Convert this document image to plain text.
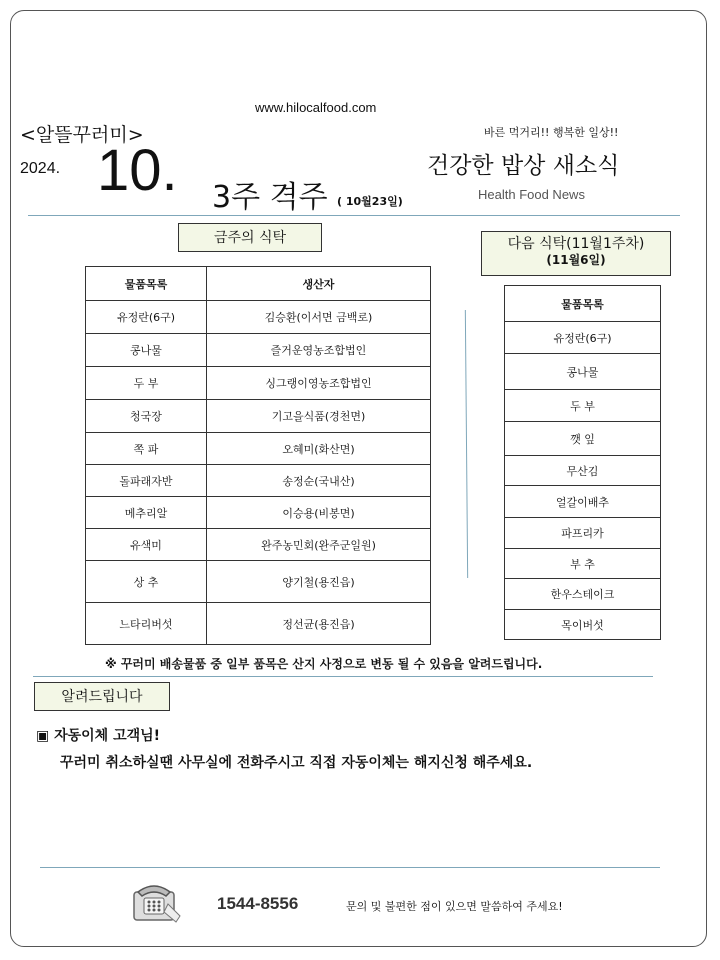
www.hilocalfood.com
<알뜰꾸러미>
2024. 10. 3주 격주 ( 10월23일)
바른 먹거리!! 행복한 일상!!
건강한 밥상 새소식
Health Food News
금주의 식탁
물품목록	생산자
유정란(6구)	김승환(이서면 금백로)
콩나물	즐거운영농조합법인
두 부	싱그랭이영농조합법인
청국장	기고을식품(경천면)
쪽 파	오혜미(화산면)
돌파래자반	송정순(국내산)
메추리알	이승용(비봉면)
유색미	완주농민회(완주군일원)
상 추	양기철(용진읍)
느타리버섯	정선균(용진읍)
다음 식탁(11월1주차)
(11월6일)
물품목록
유정란(6구)
콩나물
두 부
깻 잎
무산김
얼갈이배추
파프리카
부 추
한우스테이크
목이버섯
※ 꾸러미 배송물품 중 일부 품목은 산지 사정으로 변동 될 수 있음을 알려드립니다.
알려드립니다
▣ 자동이체 고객님!
꾸러미 취소하실땐 사무실에 전화주시고 직접 자동이체는 해지신청 해주세요.
1544-8556	문의 및 불편한 점이 있으면 말씀하여 주세요!
